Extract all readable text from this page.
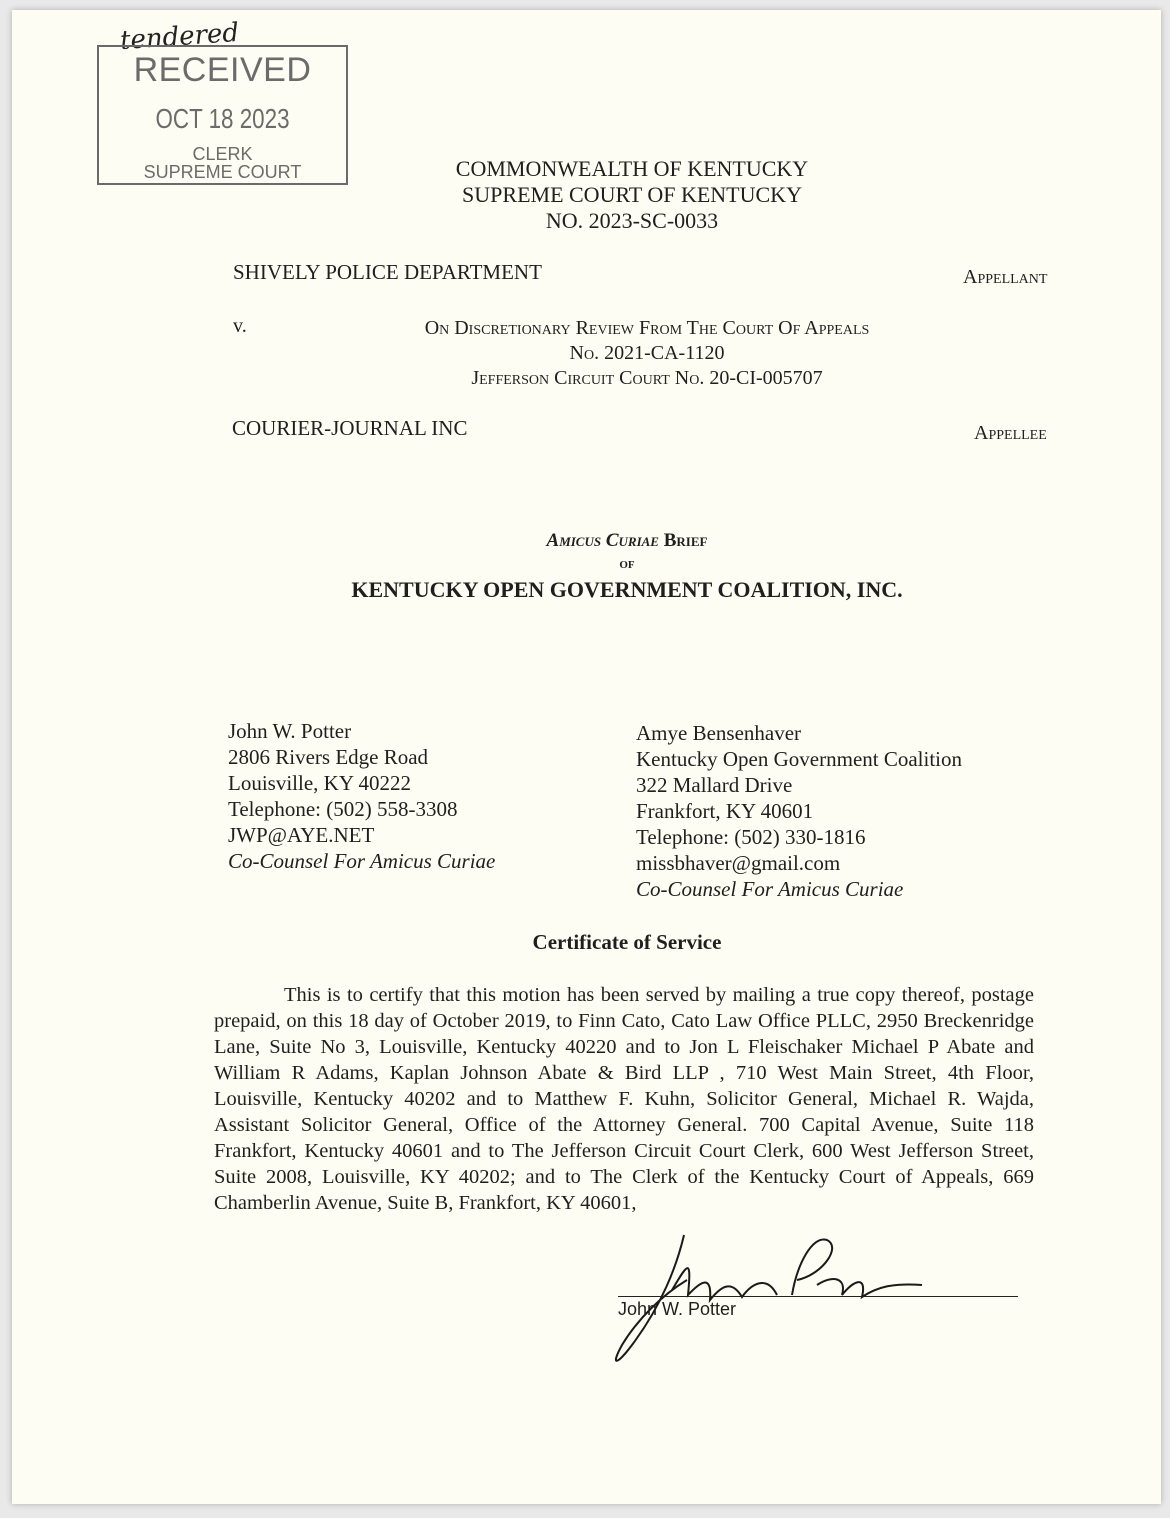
tendered
RECEIVED
OCT 18 2023
CLERK
SUPREME COURT	COMMONWEALTH OF KENTUCKY
SUPREME COURT OF KENTUCKY
NO. 2023-SC-0033
SHIVELY POLICE DEPARTMENT	Appellant
v.	On Discretionary Review From The Court Of Appeals
No. 2021-CA-1120
Jefferson Circuit Court No. 20-CI-005707
COURIER-JOURNAL INC	Appellee
Amicus Curiae Brief
of
KENTUCKY OPEN GOVERNMENT COALITION, INC.
John W. Potter
2806 Rivers Edge Road
Louisville, KY 40222
Telephone: (502) 558-3308
JWP@AYE.NET
Co-Counsel For Amicus Curiae
Amye Bensenhaver
Kentucky Open Government Coalition
322 Mallard Drive
Frankfort, KY 40601
Telephone: (502) 330-1816
missbhaver@gmail.com
Co-Counsel For Amicus Curiae
Certificate of Service
This is to certify that this motion has been served by mailing a true copy thereof, postage prepaid, on this 18 day of October 2019, to Finn Cato, Cato Law Office PLLC, 2950 Breckenridge Lane, Suite No 3, Louisville, Kentucky 40220 and to Jon L Fleischaker Michael P Abate and William R Adams, Kaplan Johnson Abate & Bird LLP , 710 West Main Street, 4th Floor, Louisville, Kentucky 40202 and to Matthew F. Kuhn, Solicitor General, Michael R. Wajda, Assistant Solicitor General, Office of the Attorney General. 700 Capital Avenue, Suite 118 Frankfort, Kentucky 40601 and to The Jefferson Circuit Court Clerk, 600 West Jefferson Street, Suite 2008, Louisville, KY 40202; and to The Clerk of the Kentucky Court of Appeals, 669 Chamberlin Avenue, Suite B, Frankfort, KY 40601,
John W. Potter
